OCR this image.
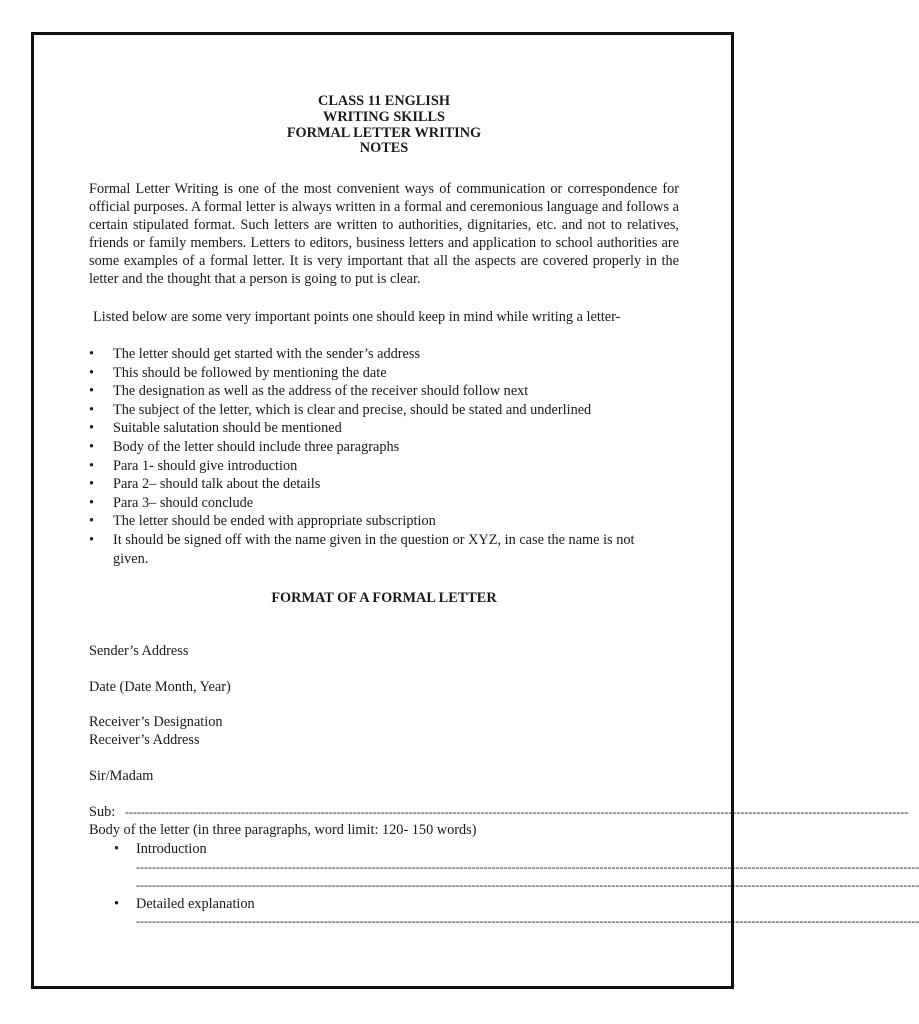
CLASS 11 ENGLISH
WRITING SKILLS
FORMAL LETTER WRITING
NOTES
Formal Letter Writing is one of the most convenient ways of communication or correspondence for official purposes. A formal letter is always written in a formal and ceremonious language and follows a certain stipulated format. Such letters are written to authorities, dignitaries, etc. and not to relatives, friends or family members. Letters to editors, business letters and application to school authorities are some examples of a formal letter. It is very important that all the aspects are covered properly in the letter and the thought that a person is going to put is clear.
Listed below are some very important points one should keep in mind while writing a letter-
• The letter should get started with the sender’s address
• This should be followed by mentioning the date
• The designation as well as the address of the receiver should follow next
• The subject of the letter, which is clear and precise, should be stated and underlined
• Suitable salutation should be mentioned
• Body of the letter should include three paragraphs
• Para 1- should give introduction
• Para 2– should talk about the details
• Para 3– should conclude
• The letter should be ended with appropriate subscription
• It should be signed off with the name given in the question or XYZ, in case the name is not given.
FORMAT OF A FORMAL LETTER
Sender’s Address
Date (Date Month, Year)
Receiver’s Designation
Receiver’s Address
Sir/Madam
Sub: ----------------------------------------------------------------------------------------------------------------------------------------------------------------------------------------------------
Body of the letter (in three paragraphs, word limit: 120- 150 words)
• Introduction
----------------------------------------------------------------------------------------------------------------------------------------------------------------------------------------------------
----------------------------------------------------------------------------------------------------------------------------------------------------------------------------------------------------
• Detailed explanation
----------------------------------------------------------------------------------------------------------------------------------------------------------------------------------------------------
